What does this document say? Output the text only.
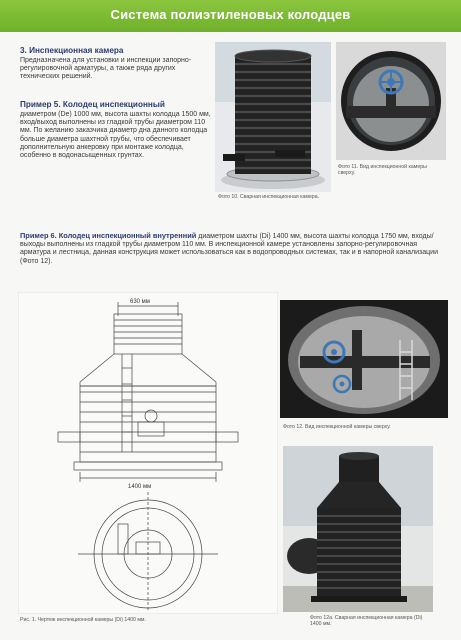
Система полиэтиленовых колодцев
3. Инспекционная камера
Предназначена для установки и инспекции запорно-регулировочной арматуры, а также ряда других технических решений.
Пример 5. Колодец инспекционный
диаметром (De) 1000 мм, высота шахты колодца 1500 мм, вход/выход выполнены из гладкой трубы диаметром 110 мм. По желанию заказчика диаметр дна данного колодца больше диаметра шахтной трубы, что обеспечивает дополнительную анкеровку при монтаже колодца, особенно в водонасыщенных грунтах.
Фото 10. Сварная инспекционная камера.
Фото 11. Вид инспекционной камеры сверху.
Пример 6. Колодец инспекционный внутренний диаметром шахты (Di) 1400 мм, высота шахты колодца 1750 мм, входы/выходы выполнены из гладкой трубы диаметром 110 мм. В инспекционной камере установлены запорно-регулировочная арматура и лестница, данная конструкция может использоваться как в водопроводных системах, так и в напорной канализации (Фото 12).
630 мм
1400 мм
Рис. 1. Чертеж инспекционной камеры (Di) 1400 мм.
Фото 12. Вид инспекционной камеры сверху.
Фото 12а. Сварная инспекционная камера (Di) 1400 мм.
